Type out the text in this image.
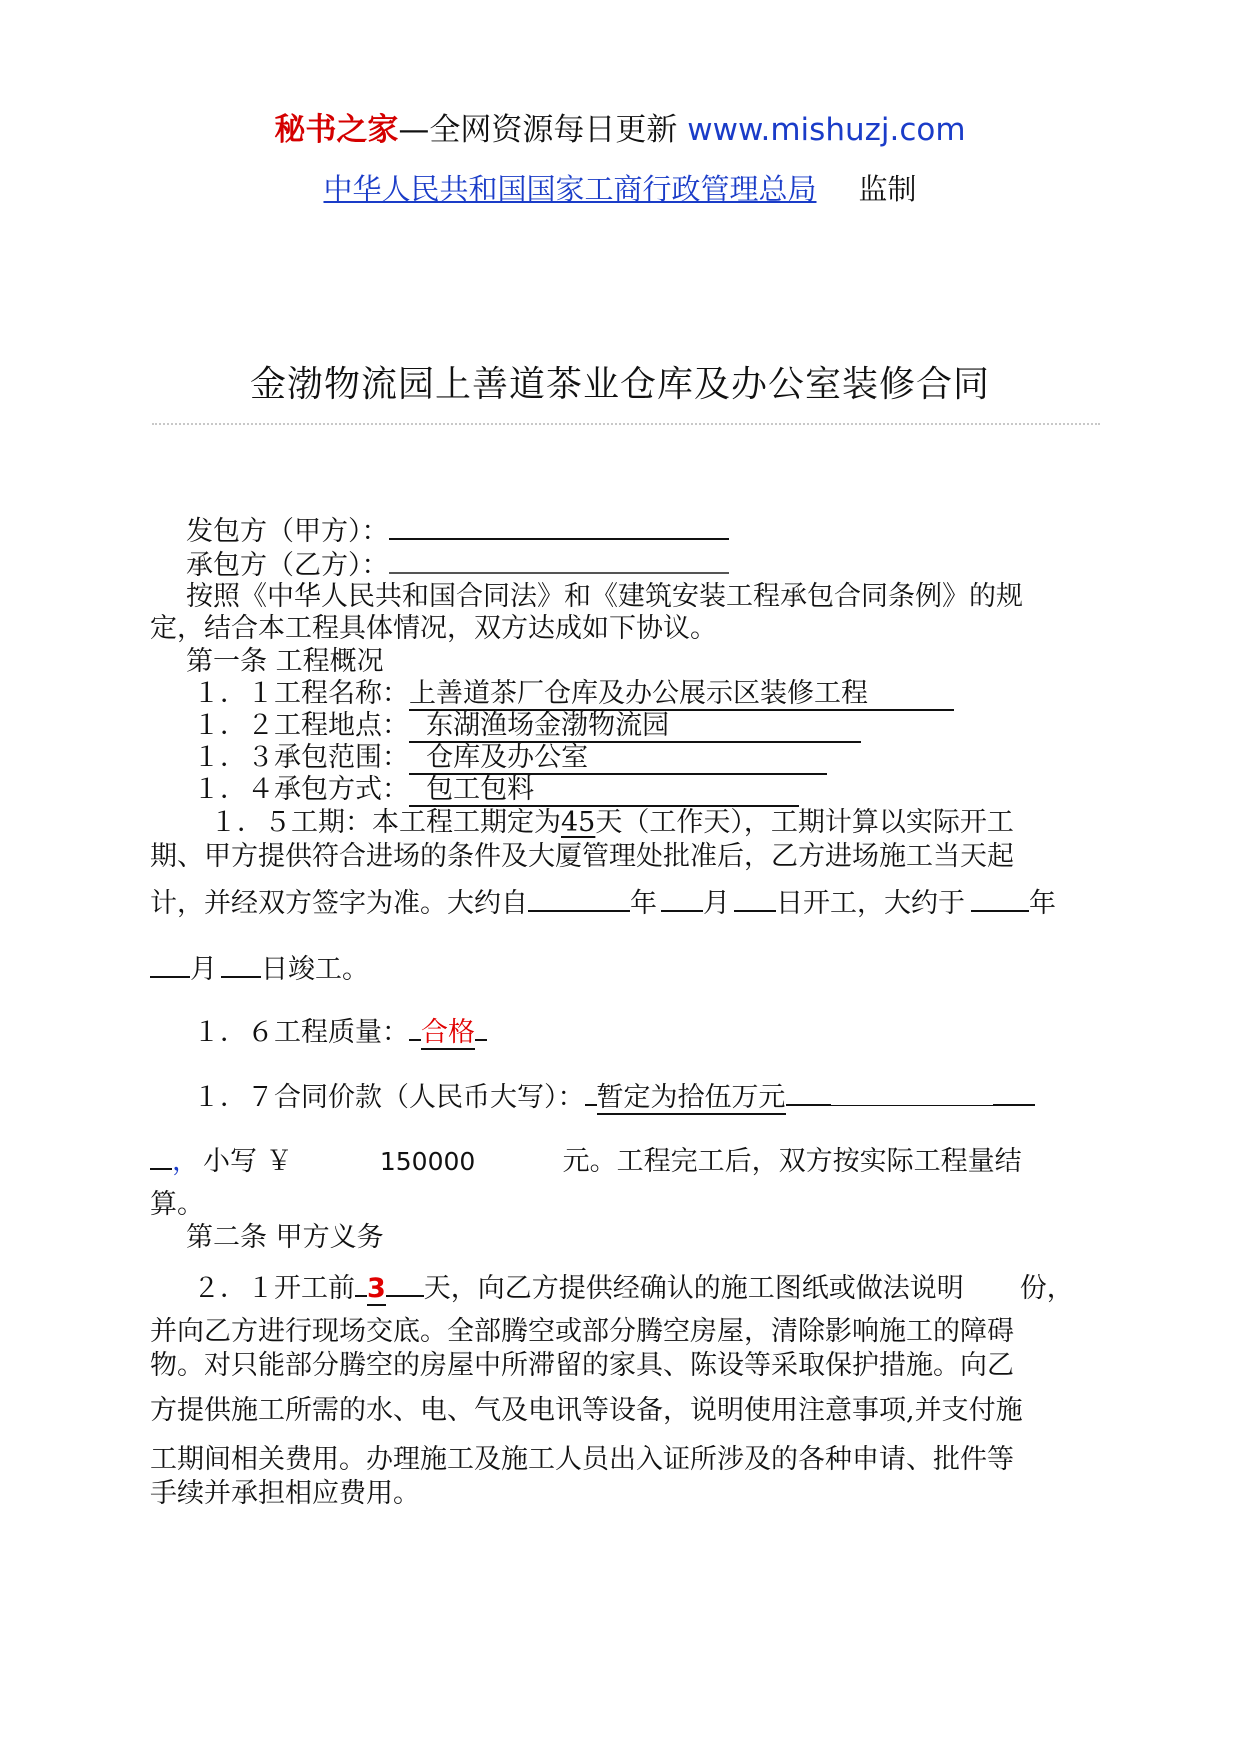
秘书之家—全网资源每日更新 www.mishuzj.com
中华人民共和国国家工商行政管理总局 监制
金渤物流园上善道茶业仓库及办公室装修合同
发包方（甲方）：
承包方（乙方）：
按照《中华人民共和国合同法》和《建筑安装工程承包合同条例》的规
定，结合本工程具体情况，双方达成如下协议。
第一条 工程概况
１．１工程名称：上善道茶厂仓库及办公展示区装修工程
１．２工程地点：  东湖渔场金渤物流园
１．３承包范围：  仓库及办公室
１．４承包方式：  包工包料
１．５工期：本工程工期定为45天（工作天），工期计算以实际开工
期、甲方提供符合进场的条件及大厦管理处批准后，乙方进场施工当天起
计，并经双方签字为准。大约自	年 月 日开工，大约于 年
月 日竣工。
１．６工程质量： 合格
１．７合同价款（人民币大写）： 暂定为拾伍万元
， 小写 ￥	150000	元。工程完工后，双方按实际工程量结
算。
第二条 甲方义务
２．１开工前 3 天，向乙方提供经确认的施工图纸或做法说明 份，
并向乙方进行现场交底。全部腾空或部分腾空房屋，清除影响施工的障碍
物。对只能部分腾空的房屋中所滞留的家具、陈设等采取保护措施。向乙
方提供施工所需的水、电、气及电讯等设备，说明使用注意事项,并支付施
工期间相关费用。办理施工及施工人员出入证所涉及的各种申请、批件等
手续并承担相应费用。
